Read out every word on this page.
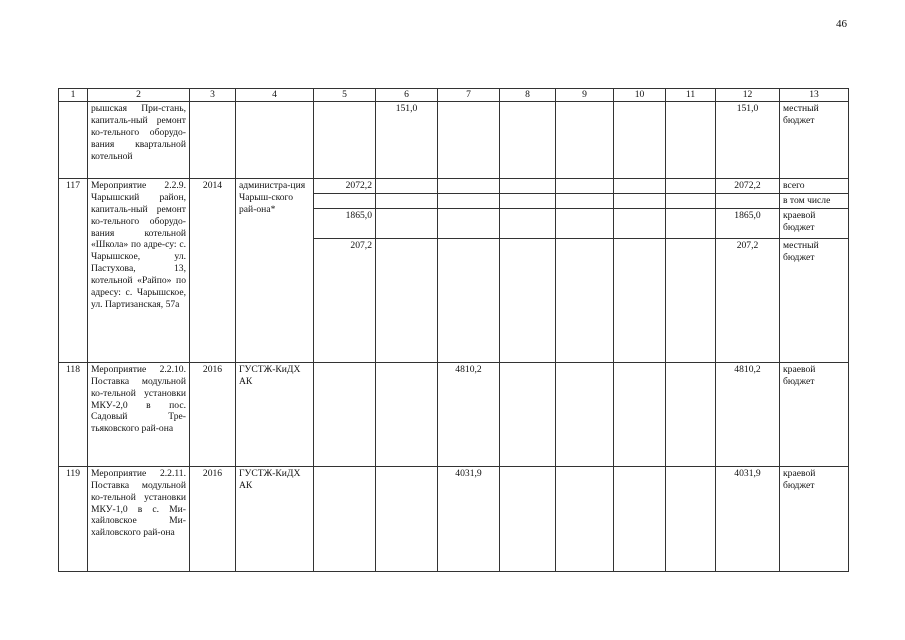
46
1	2	3	4	5	6	7	8	9	10	11	12	13
	рышская При-стань, капиталь-ный ремонт ко-тельного оборудо-вания квартальной котельной				151,0						151,0	местный бюджет
117	Мероприятие 2.2.9. Чарышский район, капиталь-ный ремонт ко-тельного оборудо-вания котельной «Школа» по адре-су: с. Чарышское, ул. Пастухова, 13, котельной «Райпо» по адресу: с. Чарышское, ул. Партизанская, 57а	2014	администра-ция Чарыш-ского рай-она*	2072,2							2072,2	всего
												в том числе
				1865,0							1865,0	краевой бюджет
				207,2							207,2	местный бюджет
118	Мероприятие 2.2.10. Поставка модульной ко-тельной установки МКУ-2,0 в пос. Садовый Тре-тьяковского рай-она	2016	ГУСТЖ-КиДХ АК			4810,2					4810,2	краевой бюджет
119	Мероприятие 2.2.11. Поставка модульной ко-тельной установки МКУ-1,0 в с. Ми-хайловское Ми-хайловского рай-она	2016	ГУСТЖ-КиДХ АК			4031,9					4031,9	краевой бюджет
